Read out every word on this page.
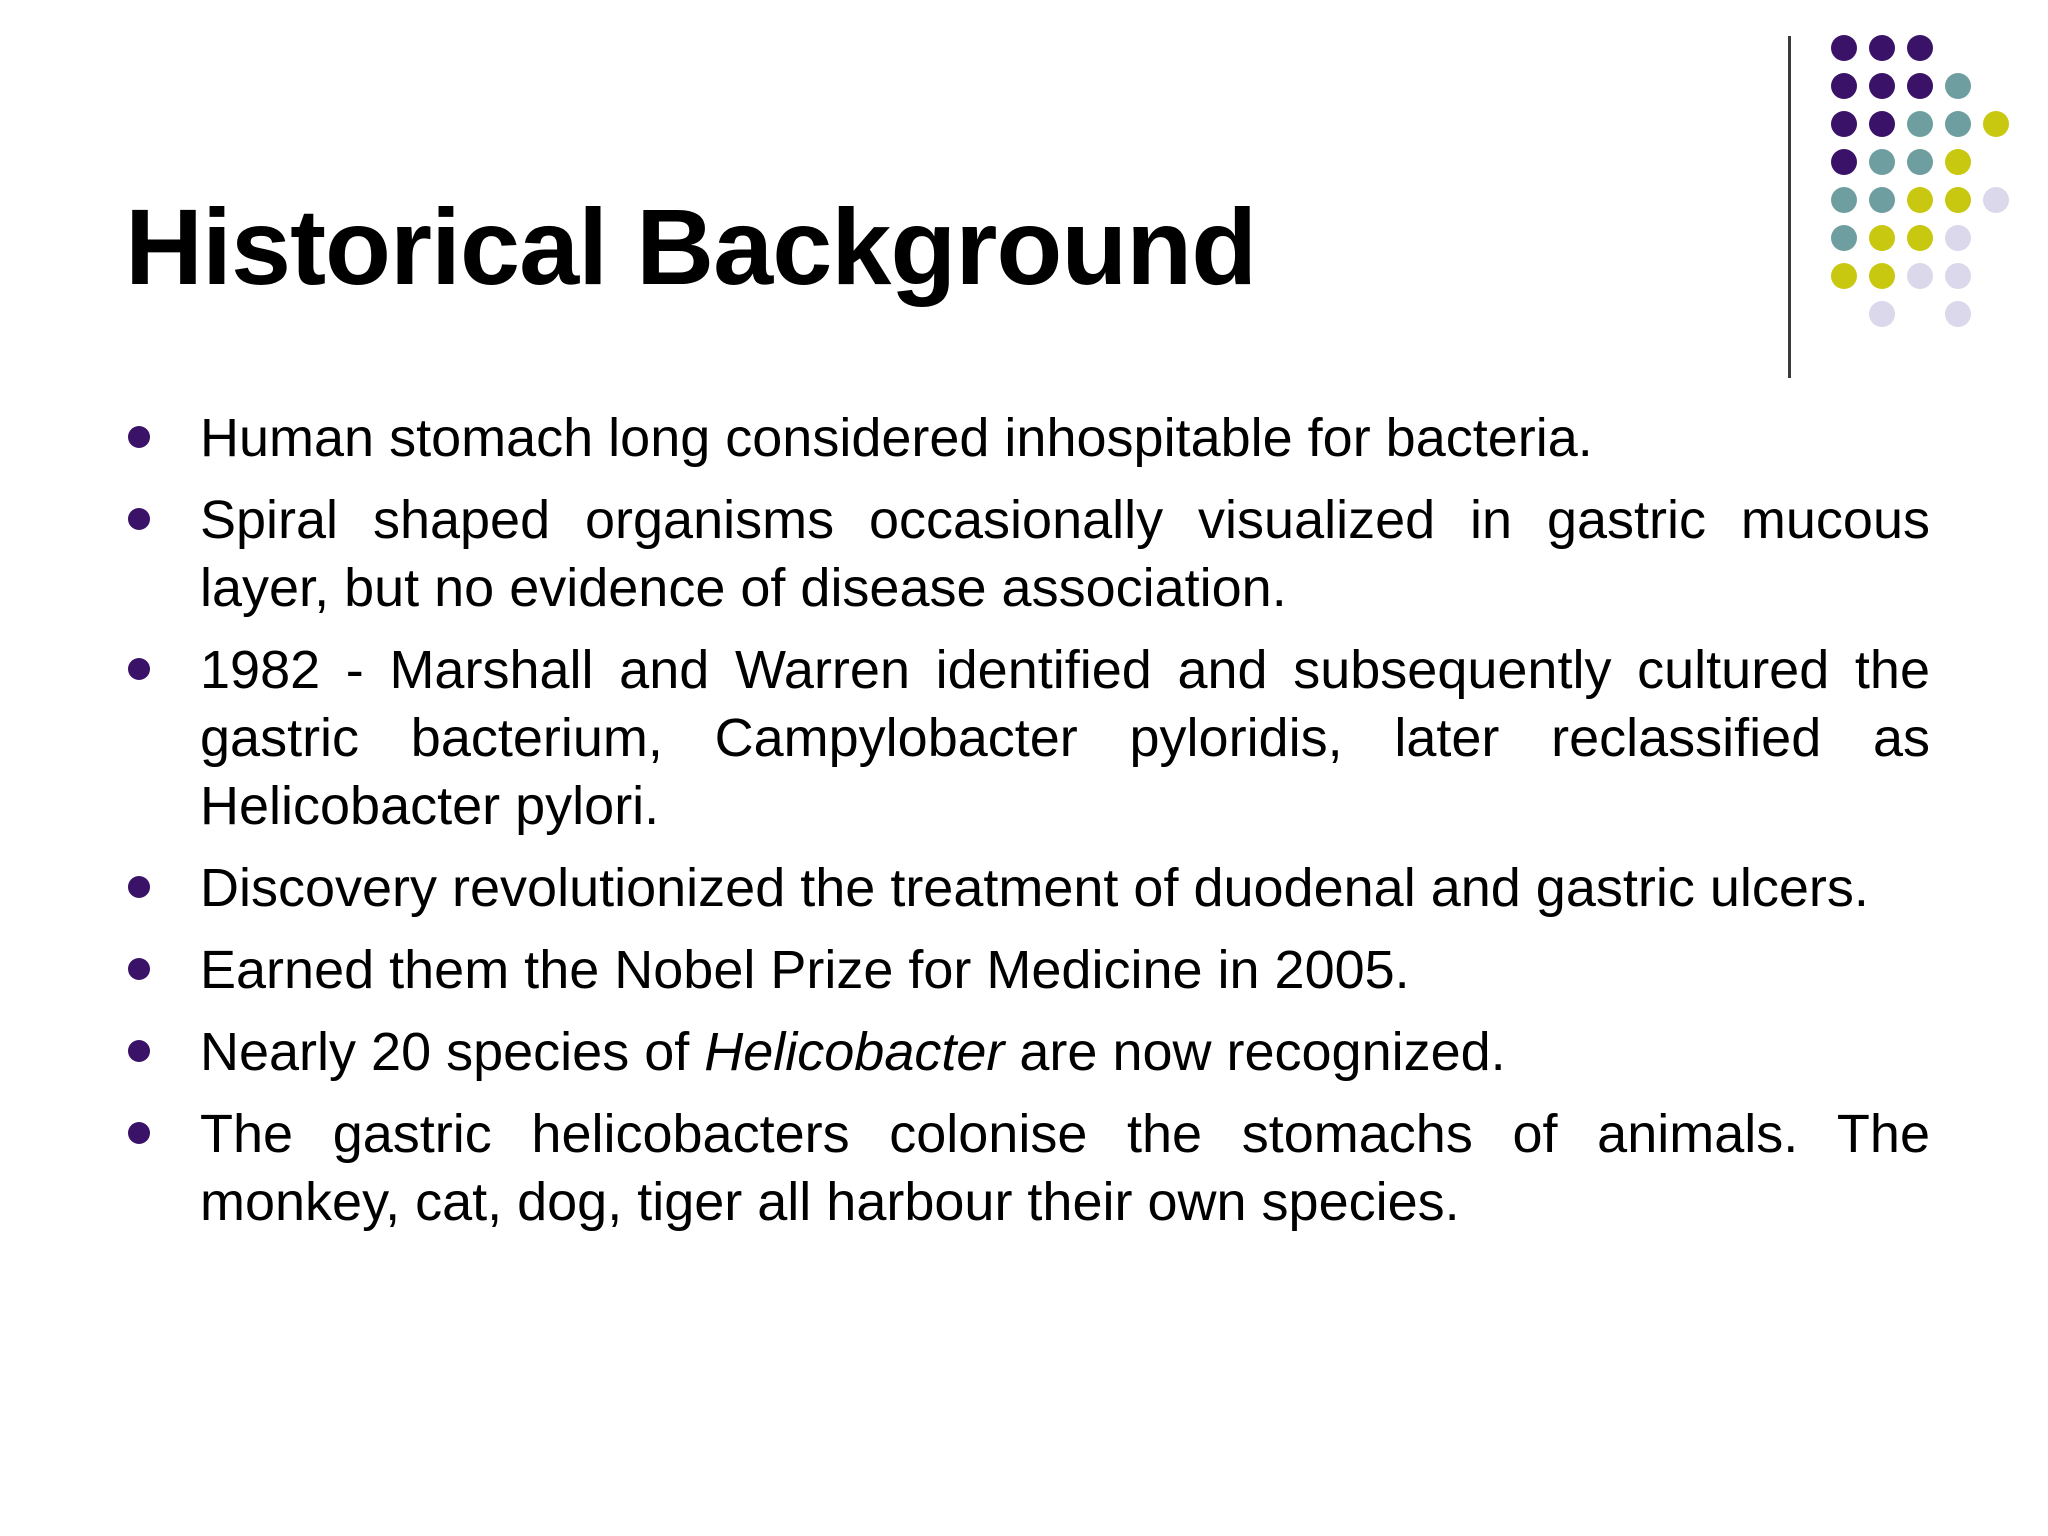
Historical Background
Human stomach long considered inhospitable for bacteria.
Spiral shaped organisms occasionally visualized in gastric mucous layer, but no evidence of disease association.
1982 - Marshall and Warren identified and subsequently cultured the gastric bacterium, Campylobacter pyloridis, later reclassified as Helicobacter pylori.
Discovery revolutionized the treatment of duodenal and gastric ulcers.
Earned them the Nobel Prize for Medicine in 2005.
Nearly 20 species of Helicobacter are now recognized.
The gastric helicobacters colonise the stomachs of animals. The monkey, cat, dog, tiger all harbour their own species.
